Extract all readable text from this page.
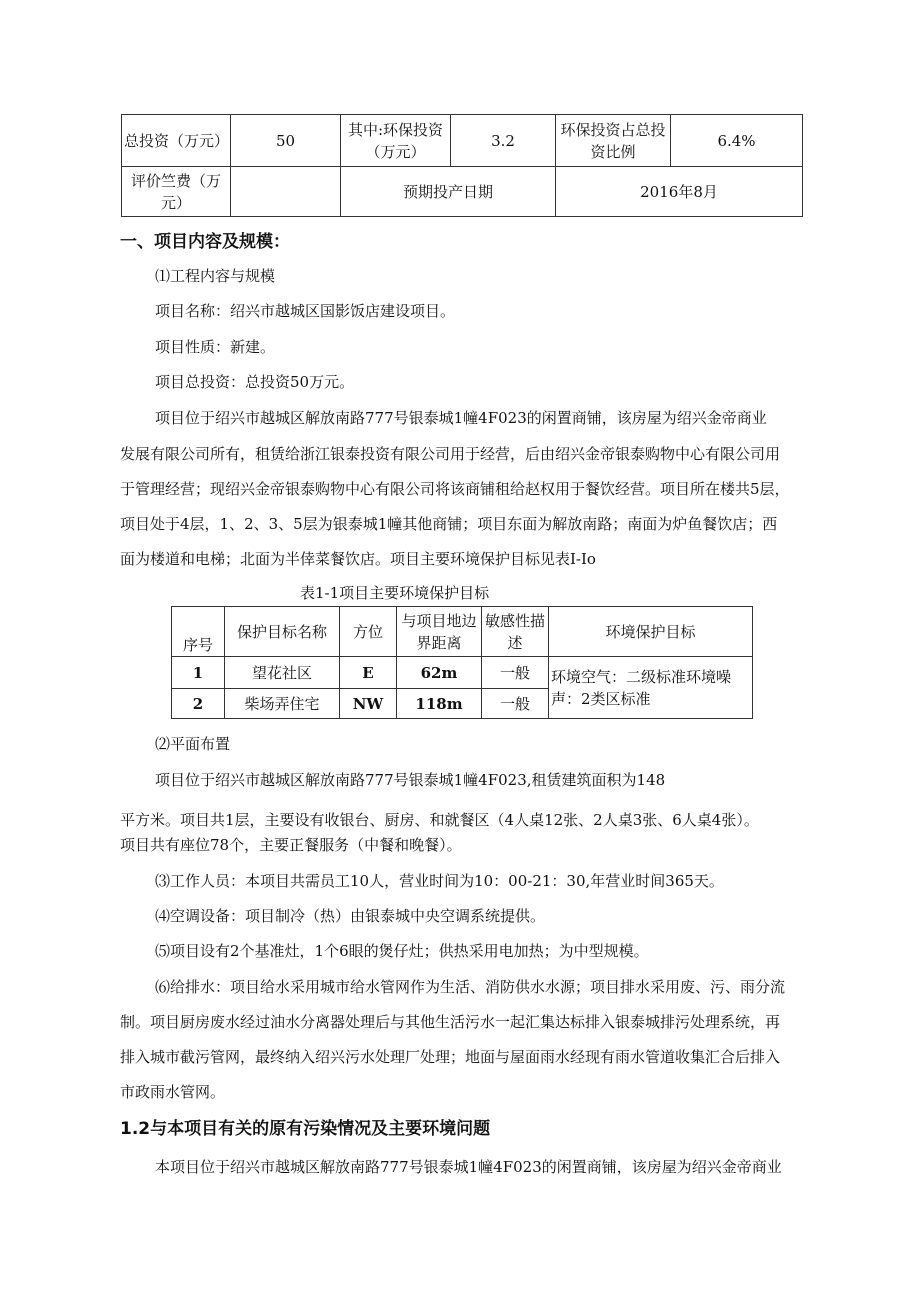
总投资（万元）	50	其中:环保投资（万元）	3.2	环保投资占总投资比例	6.4%
评价竺费（万元）		预期投产日期		2016年8月	
一、项目内容及规模：
⑴工程内容与规模
项目名称：绍兴市越城区国影饭店建设项目。
项目性质：新建。
项目总投资：总投资50万元。
项目位于绍兴市越城区解放南路777号银泰城1幢4F023的闲置商铺，该房屋为绍兴金帝商业
发展有限公司所有，租赁给浙江银泰投资有限公司用于经营，后由绍兴金帝银泰购物中心有限公司用
于管理经营；现绍兴金帝银泰购物中心有限公司将该商铺租给赵权用于餐饮经营。项目所在楼共5层，
项目处于4层，1、2、3、5层为银泰城1幢其他商铺；项目东面为解放南路；南面为炉鱼餐饮店；西
面为楼道和电梯；北面为半倖菜餐饮店。项目主要环境保护目标见表I-Io
表1-1项目主要环境保护目标
序号	保护目标名称	方位	与项目地边界距离	敏感性描述	环境保护目标
1	望花社区	E	62m	一般	环境空气：二级标准环境噪声：2类区标准
2	柴场弄住宅	NW	118m	一般	
⑵平面布置
项目位于绍兴市越城区解放南路777号银泰城1幢4F023,租赁建筑面积为148
平方米。项目共1层，主要设有收银台、厨房、和就餐区（4人桌12张、2人桌3张、6人桌4张）。
项目共有座位78个，主要正餐服务（中餐和晚餐）。
⑶工作人员：本项目共需员工10人，营业时间为10：00-21：30,年营业时间365天。
⑷空调设备：项目制冷（热）由银泰城中央空调系统提供。
⑸项目设有2个基准灶，1个6眼的煲仔灶；供热采用电加热；为中型规模。
⑹给排水：项目给水采用城市给水管网作为生活、消防供水水源；项目排水采用废、污、雨分流
制。项目厨房废水经过油水分离器处理后与其他生活污水一起汇集达标排入银泰城排污处理系统，再
排入城市截污管网，最终纳入绍兴污水处理厂处理；地面与屋面雨水经现有雨水管道收集汇合后排入
市政雨水管网。
1.2与本项目有关的原有污染情况及主要环境问题
本项目位于绍兴市越城区解放南路777号银泰城1幢4F023的闲置商铺，该房屋为绍兴金帝商业
